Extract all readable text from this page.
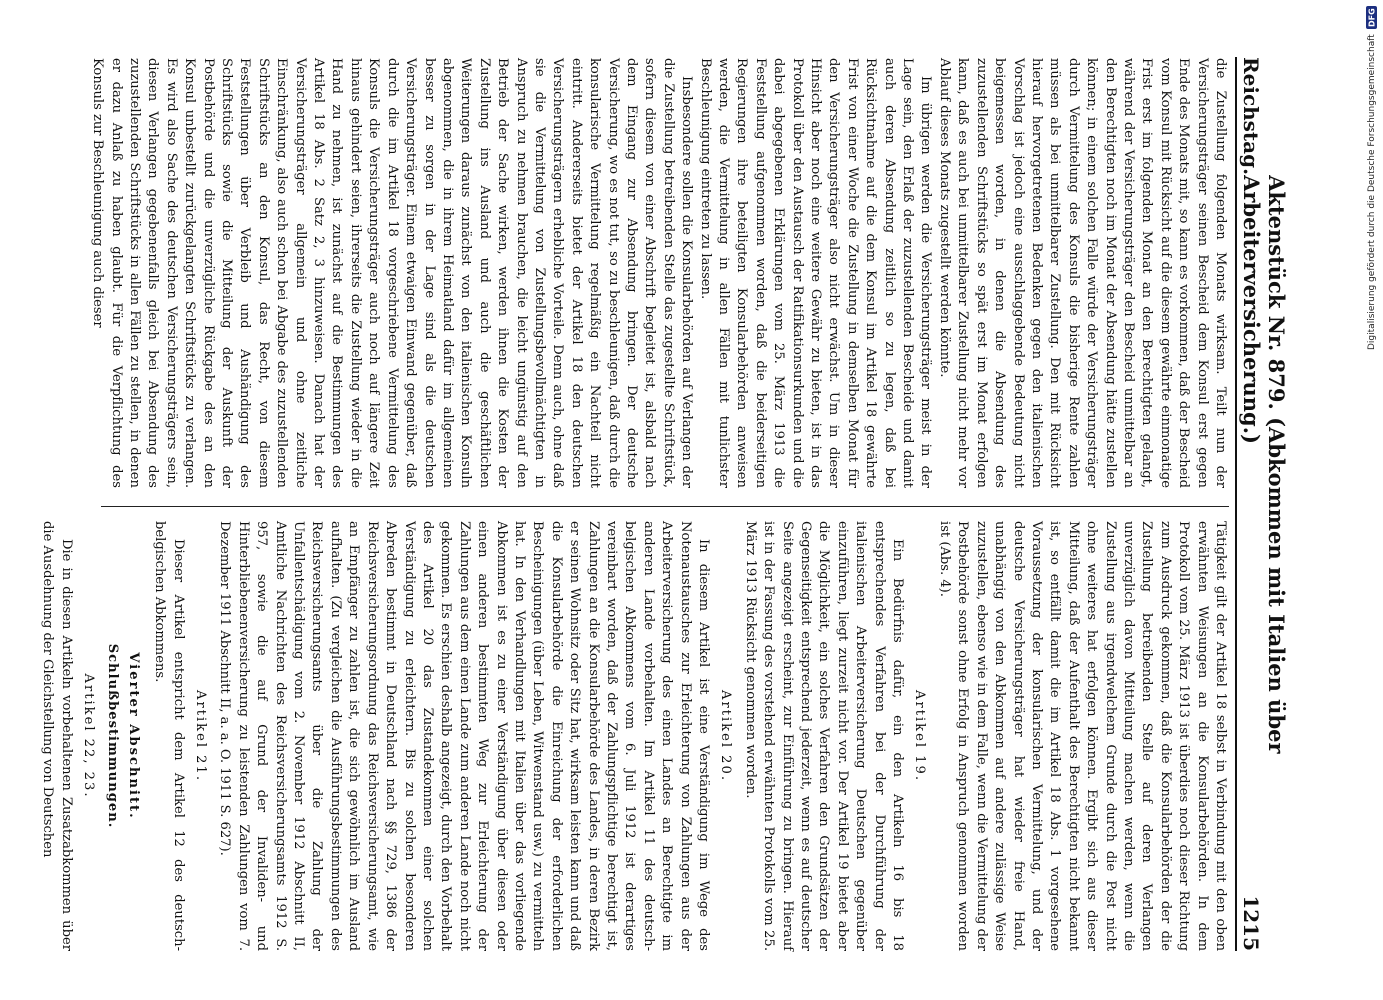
Reichstag.
Aktenstück Nr. 879. (Abkommen mit Italien über Arbeiterversicherung.)
1215

die Zustellung folgenden Monats wirksam. Teilt nun der Versicherungsträger seinen Bescheid dem Konsul erst gegen Ende des Monats mit, so kann es vorkommen, daß der Bescheid vom Konsul mit Rücksicht auf die diesem gewährte einmonatige Frist erst im folgenden Monat an den Berechtigten gelangt, während der Versicherungsträger den Bescheid unmittelbar an den Berechtigten noch im Monat der Absendung hätte zustellen können; in einem solchen Falle würde der Versicherungsträger durch Vermittelung des Konsuls die bisherige Rente zahlen müssen als bei unmittelbarer Zustellung. Den mit Rücksicht hierauf hervorgetretenen Bedenken gegen den italienischen Vorschlag ist jedoch eine ausschlaggebende Bedeutung nicht beigemessen worden, in denen die Absendung des zuzustellenden Schriftstücks so spät erst im Monat erfolgen kann, daß es auch bei unmittelbarer Zustellung nicht mehr vor Ablauf dieses Monats zugestellt werden könnte.

Im übrigen werden die Versicherungsträger meist in der Lage sein, den Erlaß der zuzustellenden Bescheide und damit auch deren Absendung zeitlich so zu legen, daß bei Rücksichtnahme auf die dem Konsul im Artikel 18 gewährte Frist von einer Woche die Zustellung in demselben Monat für den Versicherungsträger also nicht erwächst. Um in dieser Hinsicht aber noch eine weitere Gewähr zu bieten, ist in das Protokoll über den Austausch der Ratifikationsurkunden und die dabei abgegebenen Erklärungen vom 25. März 1913 die Feststellung aufgenommen worden, daß die beiderseitigen Regierungen ihre beteiligten Konsularbehörden anweisen werden, die Vermittelung in allen Fällen mit tunlichster Beschleunigung eintreten zu lassen.

Insbesondere sollen die Konsularbehörden auf Verlangen der die Zustellung betreibenden Stelle das zugestellte Schriftstück, sofern diesem von einer Abschrift begleitet ist, alsbald nach dem Eingang zur Absendung bringen. Der deutsche Versicherung, wo es not tut, so zu beschleunigen, daß durch die konsularische Vermittelung regelmäßig ein Nachteil nicht eintritt. Andererseits bietet der Artikel 18 den deutschen Versicherungsträgern erhebliche Vorteile. Denn auch, ohne daß sie die Vermittelung von Zustellungsbevollmächtigten in Anspruch zu nehmen brauchen, die leicht ungünstig auf den Betrieb der Sache wirken, werden ihnen die Kosten der Zustellung ins Ausland und auch die geschäftlichen Weiterungen daraus zunächst von den italienischen Konsuln abgenommen, die in ihrem Heimatland dafür im allgemeinen besser zu sorgen in der Lage sind als die deutschen Versicherungsträger. Einem etwaigen Einwand gegenüber, daß durch die im Artikel 18 vorgeschriebene Vermittelung des Konsuls die Versicherungsträger auch noch auf längere Zeit hinaus gehindert seien, ihrerseits die Zustellung wieder in die Hand zu nehmen, ist zunächst auf die Bestimmungen des Artikel 18 Abs. 2 Satz 2, 3 hinzuweisen. Danach hat der Versicherungsträger allgemein und ohne zeitliche Einschränkung, also auch schon bei Abgabe des zuzustellenden Schriftstücks an den Konsul, das Recht, von diesem Feststellungen über Verbleib und Aushändigung des Schriftstücks sowie die Mitteilung der Auskunft der Postbehörde und die unverzügliche Rückgabe des an den Konsul unbestellt zurückgelangten Schriftstücks zu verlangen. Es wird also Sache des deutschen Versicherungsträgers sein, diesen Verlangen gegebenenfalls gleich bei Absendung des zuzustellenden Schriftstücks in allen Fällen zu stellen, in denen er dazu Anlaß zu haben glaubt. Für die Verpflichtung des Konsuls zur Beschleunigung auch dieser

Tätigkeit gilt der Artikel 18 selbst in Verbindung mit den oben erwähnten Weisungen an die Konsularbehörden. In dem Protokoll vom 25. März 1913 ist überdies noch dieser Richtung zum Ausdruck gekommen, daß die Konsularbehörden der die Zustellung betreibenden Stelle auf deren Verlangen unverzüglich davon Mitteilung machen werden, wenn die Zustellung aus irgendwelchem Grunde durch die Post nicht ohne weiteres hat erfolgen können. Ergibt sich aus dieser Mitteilung, daß der Aufenthalt des Berechtigten nicht bekannt ist, so entfällt damit die im Artikel 18 Abs. 1 vorgesehene Voraussetzung der konsularischen Vermittelung, und der deutsche Versicherungsträger hat wieder freie Hand, unabhängig von den Abkommen auf andere zulässige Weise zuzustellen, ebenso wie in dem Falle, wenn die Vermittelung der Postbehörde sonst ohne Erfolg in Anspruch genommen worden ist (Abs. 4).

Artikel 19.

Ein Bedürfnis dafür, ein den Artikeln 16 bis 18 entsprechendes Verfahren bei der Durchführung der italienischen Arbeiterversicherung Deutschen gegenüber einzuführen, liegt zurzeit nicht vor. Der Artikel 19 bietet aber die Möglichkeit, ein solches Verfahren den Grundsätzen der Gegenseitigkeit entsprechend jederzeit, wenn es auf deutscher Seite angezeigt erscheint, zur Einführung zu bringen. Hierauf ist in der Fassung des vorstehend erwähnten Protokolls vom 25. März 1913 Rücksicht genommen worden.

Artikel 20.

In diesem Artikel ist eine Verständigung im Wege des Notenaustausches zur Erleichterung von Zahlungen aus der Arbeiterversicherung des einen Landes an Berechtigte im anderen Lande vorbehalten. Im Artikel 11 des deutsch-belgischen Abkommens vom 6. Juli 1912 ist derartiges vereinbart worden, daß der Zahlungspflichtige berechtigt ist, Zahlungen an die Konsularbehörde des Landes, in deren Bezirk er seinen Wohnsitz oder Sitz hat, wirksam leisten kann und daß die Konsularbehörde die Einreichung der erforderlichen Bescheinigungen (über Leben, Witwenstand usw.) zu vermitteln hat. In den Verhandlungen mit Italien über das vorliegende Abkommen ist es zu einer Verständigung über diesen oder einen anderen bestimmten Weg zur Erleichterung der Zahlungen aus dem einen Lande zum anderen Lande noch nicht gekommen. Es erschien deshalb angezeigt, durch den Vorbehalt des Artikel 20 das Zustandekommen einer solchen Verständigung zu erleichtern. Bis zu solchen besonderen Abreden bestimmt in Deutschland nach §§ 729, 1386 der Reichsversicherungsordnung das Reichsversicherungsamt, wie an Empfänger zu zahlen ist, die sich gewöhnlich im Ausland aufhalten. (Zu vergleichen die Ausführungsbestimmungen des Reichsversicherungsamts über die Zahlung der Unfallentschädigung vom 2. November 1912 Abschnitt II, Amtliche Nachrichten des Reichsversicherungsamts 1912 S. 957, sowie die auf Grund der Invaliden- und Hinterbliebenenversicherung zu leistenden Zahlungen vom 7. Dezember 1911 Abschnitt II, a. a. O. 1911 S. 627).

Artikel 21.

Dieser Artikel entspricht dem Artikel 12 des deutsch-belgischen Abkommens.

Vierter Abschnitt.
Schlußbestimmungen.
Artikel 22, 23.

Die in diesen Artikeln vorbehaltenen Zusatzabkommen über die Ausdehnung der Gleichstellung von Deutschen

Digitalisierung gefördert durch die Deutsche Forschungsgemeinschaft
DFG
